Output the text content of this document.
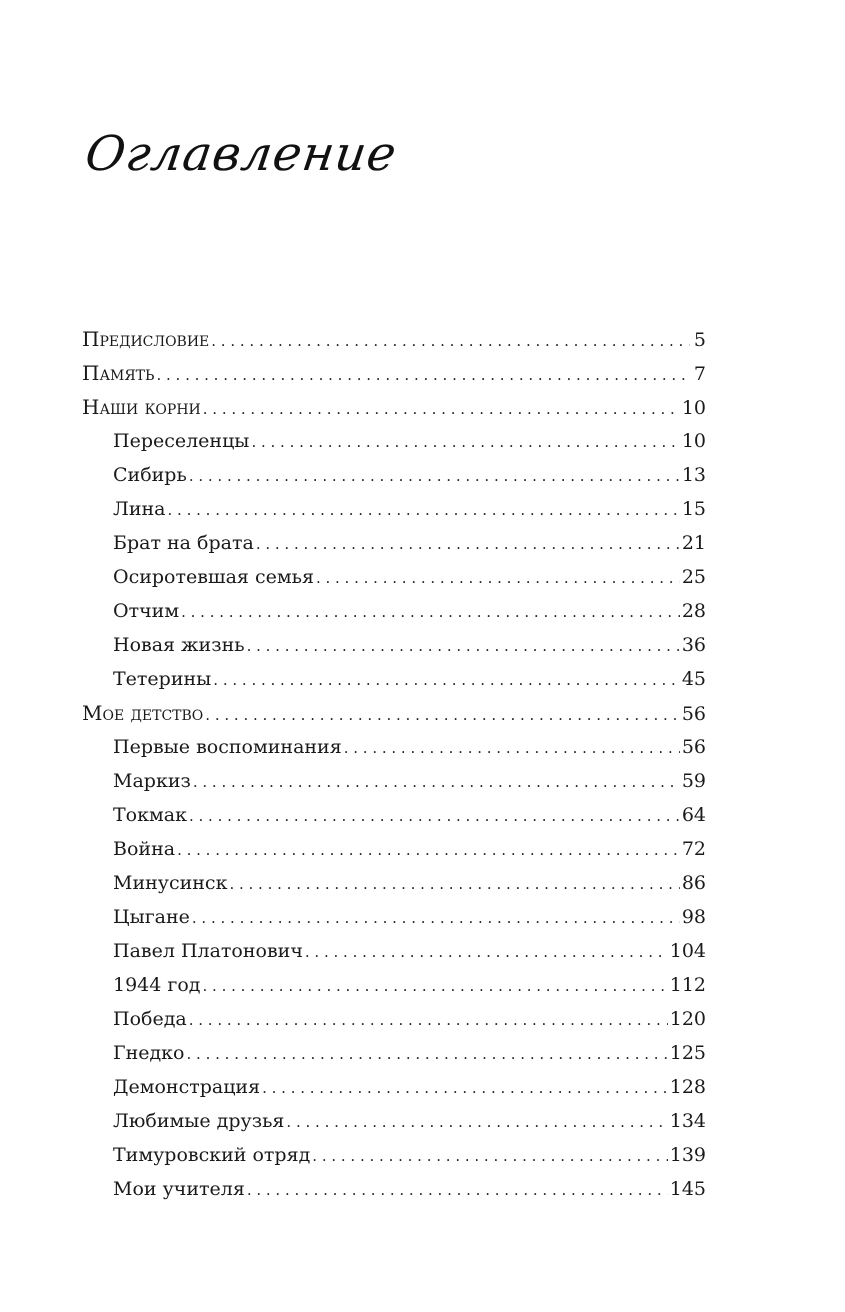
Оглавление
Предисловие . . .	5
Память . . .	7
Наши корни . . .	10
Переселенцы . . .	10
Сибирь . . .	13
Лина . . .	15
Брат на брата . . .	21
Осиротевшая семья . . .	25
Отчим . . .	28
Новая жизнь . . .	36
Тетерины . . .	45
Мое детство . . .	56
Первые воспоминания . . .	56
Маркиз . . .	59
Токмак . . .	64
Война . . .	72
Минусинск . . .	86
Цыгане . . .	98
Павел Платонович . . .	104
1944 год . . .	112
Победа . . .	120
Гнедко . . .	125
Демонстрация . . .	128
Любимые друзья . . .	134
Тимуровский отряд . . .	139
Мои учителя . . .	145
